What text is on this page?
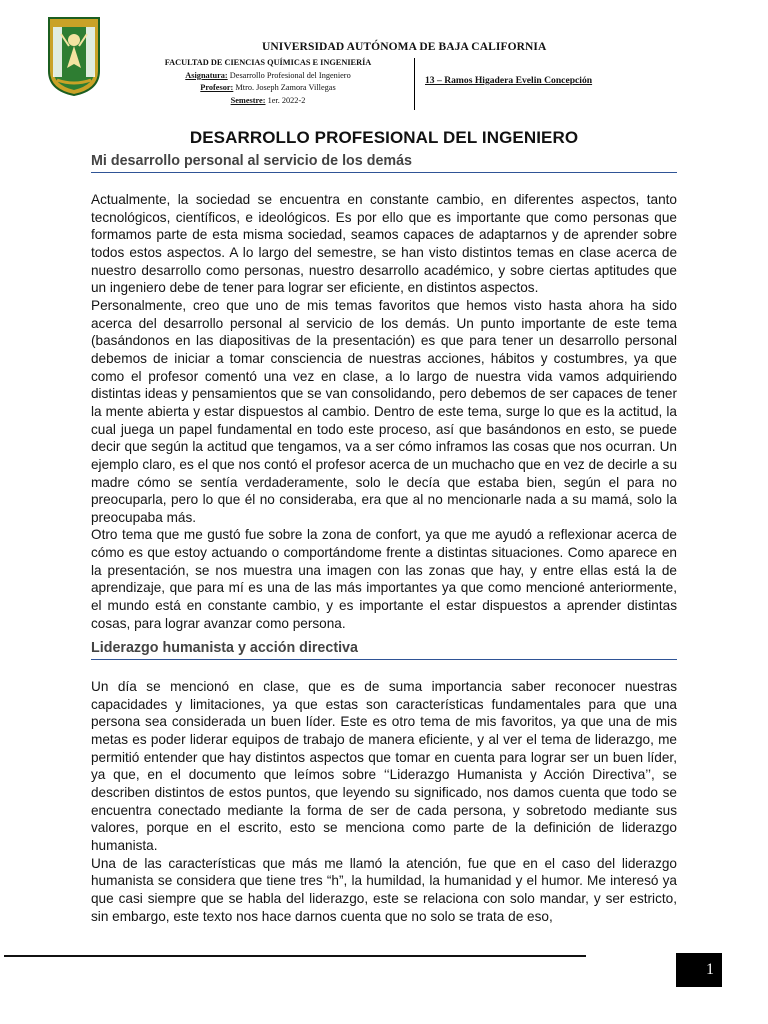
UNIVERSIDAD AUTÓNOMA DE BAJA CALIFORNIA
FACULTAD DE CIENCIAS QUÍMICAS E INGENIERÍA
Asignatura: Desarrollo Profesional del Ingeniero
Profesor: Mtro. Joseph Zamora Villegas
Semestre: 1er. 2022-2
13 – Ramos Higadera Evelin Concepción
DESARROLLO PROFESIONAL DEL INGENIERO
Mi desarrollo personal al servicio de los demás

Actualmente, la sociedad se encuentra en constante cambio, en diferentes aspectos, tanto tecnológicos, científicos, e ideológicos. Es por ello que es importante que como personas que formamos parte de esta misma sociedad, seamos capaces de adaptarnos y de aprender sobre todos estos aspectos. A lo largo del semestre, se han visto distintos temas en clase acerca de nuestro desarrollo como personas, nuestro desarrollo académico, y sobre ciertas aptitudes que un ingeniero debe de tener para lograr ser eficiente, en distintos aspectos.

Personalmente, creo que uno de mis temas favoritos que hemos visto hasta ahora ha sido acerca del desarrollo personal al servicio de los demás. Un punto importante de este tema (basándonos en las diapositivas de la presentación) es que para tener un desarrollo personal debemos de iniciar a tomar consciencia de nuestras acciones, hábitos y costumbres, ya que como el profesor comentó una vez en clase, a lo largo de nuestra vida vamos adquiriendo distintas ideas y pensamientos que se van consolidando, pero debemos de ser capaces de tener la mente abierta y estar dispuestos al cambio. Dentro de este tema, surge lo que es la actitud, la cual juega un papel fundamental en todo este proceso, así que basándonos en esto, se puede decir que según la actitud que tengamos, va a ser cómo inframos las cosas que nos ocurran. Un ejemplo claro, es el que nos contó el profesor acerca de un muchacho que en vez de decirle a su madre cómo se sentía verdaderamente, solo le decía que estaba bien, según el para no preocuparla, pero lo que él no consideraba, era que al no mencionarle nada a su mamá, solo la preocupaba más.

Otro tema que me gustó fue sobre la zona de confort, ya que me ayudó a reflexionar acerca de cómo es que estoy actuando o comportándome frente a distintas situaciones. Como aparece en la presentación, se nos muestra una imagen con las zonas que hay, y entre ellas está la de aprendizaje, que para mí es una de las más importantes ya que como mencioné anteriormente, el mundo está en constante cambio, y es importante el estar dispuestos a aprender distintas cosas, para lograr avanzar como persona.

Liderazgo humanista y acción directiva

Un día se mencionó en clase, que es de suma importancia saber reconocer nuestras capacidades y limitaciones, ya que estas son características fundamentales para que una persona sea considerada un buen líder. Este es otro tema de mis favoritos, ya que una de mis metas es poder liderar equipos de trabajo de manera eficiente, y al ver el tema de liderazgo, me permitió entender que hay distintos aspectos que tomar en cuenta para lograr ser un buen líder, ya que, en el documento que leímos sobre ‘‘Liderazgo Humanista y Acción Directiva’’, se describen distintos de estos puntos, que leyendo su significado, nos damos cuenta que todo se encuentra conectado mediante la forma de ser de cada persona, y sobretodo mediante sus valores, porque en el escrito, esto se menciona como parte de la definición de liderazgo humanista.

Una de las características que más me llamó la atención, fue que en el caso del liderazgo humanista se considera que tiene tres “h”, la humildad, la humanidad y el humor. Me interesó ya que casi siempre que se habla del liderazgo, este se relaciona con solo mandar, y ser estricto, sin embargo, este texto nos hace darnos cuenta que no solo se trata de eso,

1
